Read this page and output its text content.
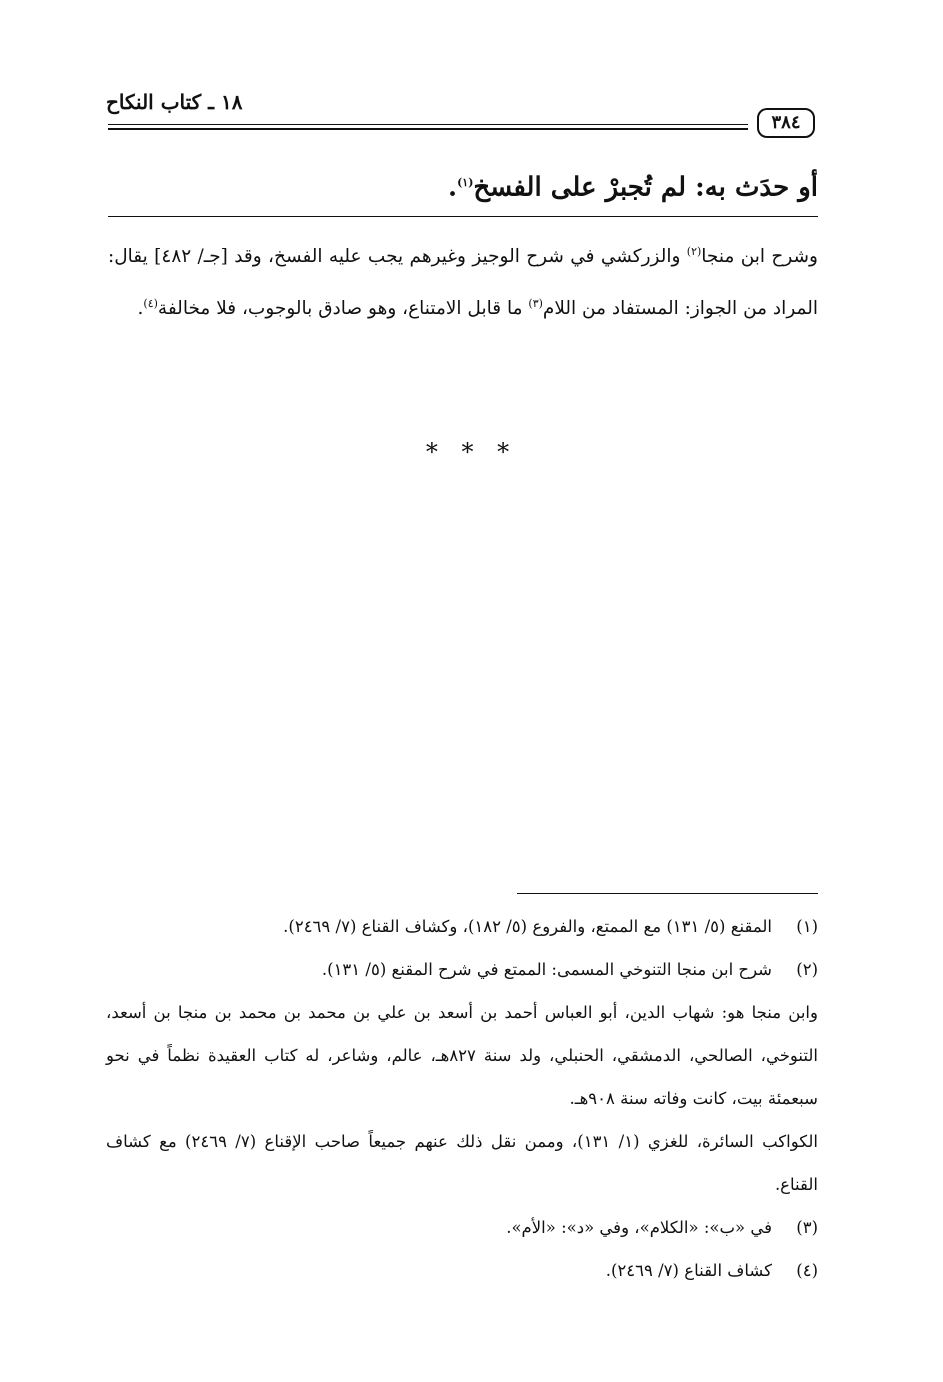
١٨ ـ كتاب النكاح
٣٨٤
أو حدَث به: لم تُجبرْ على الفسخ$^{(١)}$.

وشرح ابن منجا$^{(٢)}$ والزركشي في شرح الوجيز وغيرهم يجب عليه الفسخ، وقد [جـ/ ٤٨٢] يقال: المراد من الجواز: المستفاد من اللام$^{(٣)}$ ما قابل الامتناع، وهو صادق بالوجوب، فلا مخالفة$^{(٤)}$.

* * *
(١)
المقنع (٥/ ١٣١) مع الممتع، والفروع (٥/ ١٨٢)، وكشاف القناع (٧/ ٢٤٦٩).
(٢)
شرح ابن منجا التنوخي المسمى: الممتع في شرح المقنع (٥/ ١٣١).

وابن منجا هو: شهاب الدين، أبو العباس أحمد بن أسعد بن علي بن محمد بن محمد بن منجا بن أسعد، التنوخي، الصالحي، الدمشقي، الحنبلي، ولد سنة ٨٢٧هـ، عالم، وشاعر، له كتاب العقيدة نظماً في نحو سبعمئة بيت، كانت وفاته سنة ٩٠٨هـ.

الكواكب السائرة، للغزي (١/ ١٣١)، وممن نقل ذلك عنهم جميعاً صاحب الإقناع (٧/ ٢٤٦٩) مع كشاف القناع.

(٣)
في «ب»: «الكلام»، وفي «د»: «الأم».
(٤)
كشاف القناع (٧/ ٢٤٦٩).
